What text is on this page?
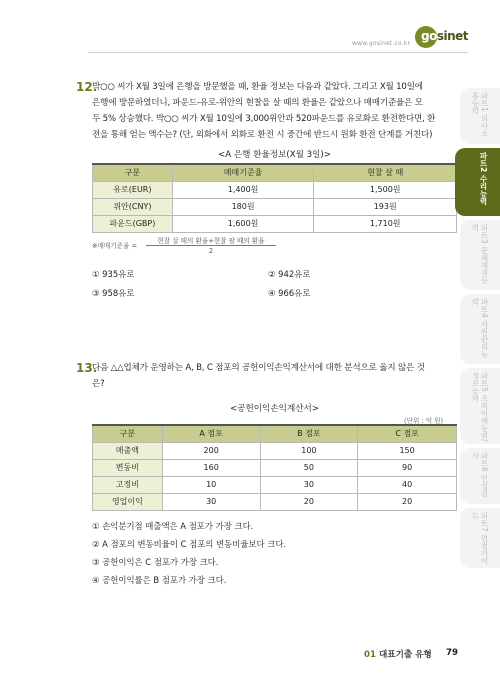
www.gosinet.co.kr
gosinet
12.
박○○ 씨가 X월 3일에 은행을 방문했을 때, 환율 정보는 다음과 같았다. 그리고 X월 10일에
은행에 방문하였더니, 파운드-유로-위안의 현찰을 살 때의 환율은 같았으나 매매기준율은 모
두 5% 상승했다. 박○○ 씨가 X월 10일에 3,000위안과 520파운드를 유로화로 환전한다면, 환
전을 통해 얻는 액수는? (단, 외화에서 외화로 환전 시 중간에 반드시 원화 환전 단계를 거친다)
<A 은행 환율정보(X월 3일)>
구분	매매기준율	현찰 살 때
유로(EUR)	1,400원	1,500원
위안(CNY)	180원	193원
파운드(GBP)	1,600원	1,710원
※매매기준율 =
현찰 살 때의 환율+현찰 팔 때의 환율
2
① 935유로	② 942유로
③ 958유로	④ 966유로
13.
다음 △△업체가 운영하는 A, B, C 점포의 공헌이익손익계산서에 대한 분석으로 옳지 않은 것
은?
<공헌이익손익계산서>
(단위 : 억 원)
구분	A 점포	B 점포	C 점포
매출액	200	100	150
변동비	160	50	90
고정비	10	30	40
영업이익	30	20	20
① 손익분기점 매출액은 A 점포가 가장 크다.
② A 점포의 변동비율이 C 점포의 변동비율보다 크다.
③ 공헌이익은 C 점포가 가장 크다.
④ 공헌이익률은 B 점포가 가장 크다.
파트1 의사소통능력
파트2 수리능력
파트3 문제해결능력
파트4 자원관리능력
파트5 조직이해능력/정보능력
파트6 인성검사
파트7 면접가이드
01 대표기출 유형 79
